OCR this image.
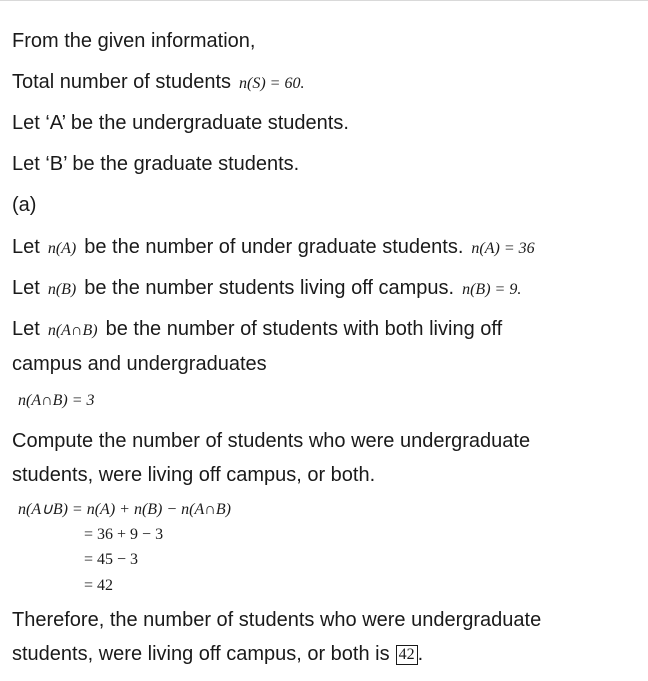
From the given information,
Total number of students n(S) = 60.
Let ‘A’ be the undergraduate students.
Let ‘B’ be the graduate students.
(a)
Let n(A) be the number of under graduate students. n(A) = 36
Let n(B) be the number students living off campus. n(B) = 9.
Let n(A∩B) be the number of students with both living off
campus and undergraduates
n(A∩B) = 3
Compute the number of students who were undergraduate
students, were living off campus, or both.
n(A∪B) = n(A) + n(B) − n(A∩B)
= 36 + 9 − 3
= 45 − 3
= 42
Therefore, the number of students who were undergraduate
students, were living off campus, or both is 42 .
